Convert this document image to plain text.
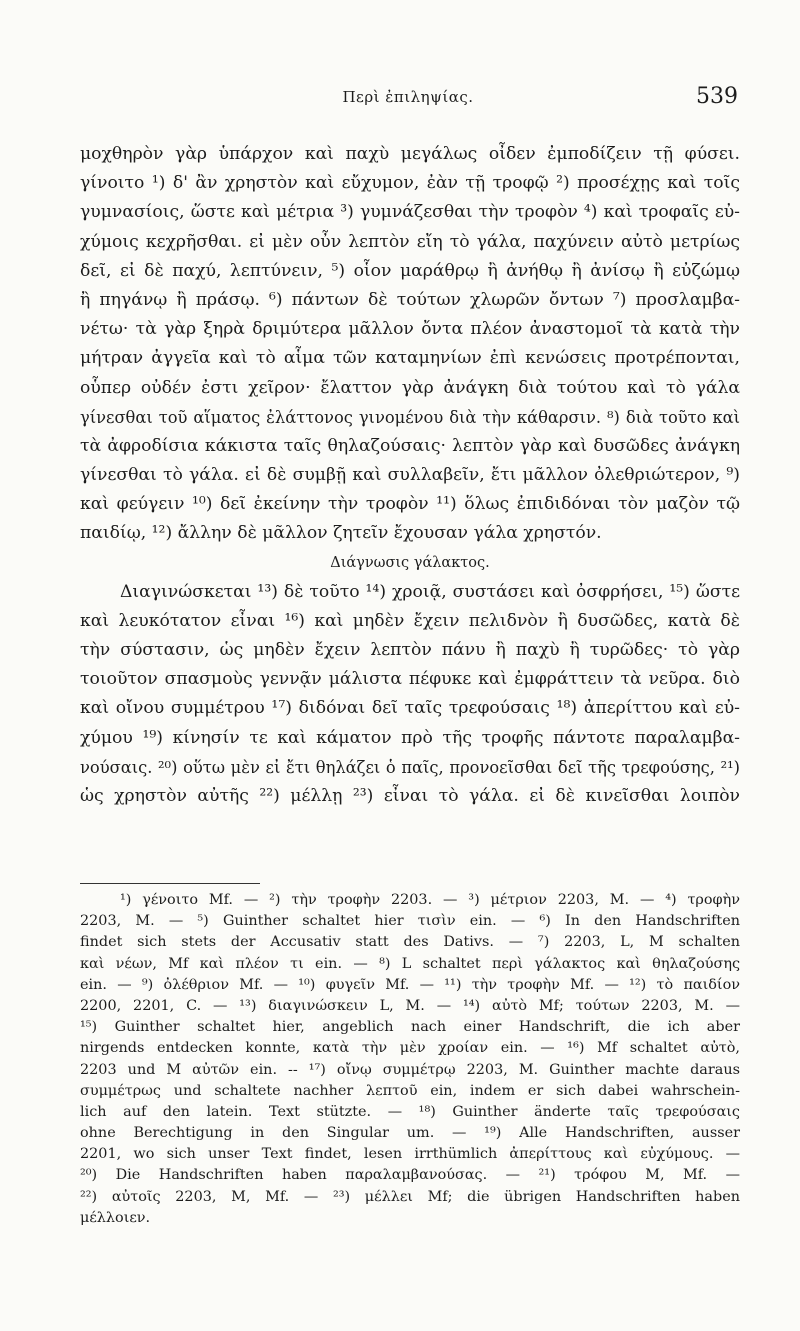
Περὶ ἐπιληψίας.	539
μοχθηρὸν γὰρ ὑπάρχον καὶ παχὺ μεγάλως οἶδεν ἐμποδίζειν τῇ φύσει.
γίνοιτο ¹) δ' ἂν χρηστὸν καὶ εὔχυμον, ἐὰν τῇ τροφῷ ²) προσέχῃς καὶ τοῖς
γυμνασίοις, ὥστε καὶ μέτρια ³) γυμνάζεσθαι τὴν τροφὸν ⁴) καὶ τροφαῖς εὐ-
χύμοις κεχρῆσθαι. εἰ μὲν οὖν λεπτὸν εἴη τὸ γάλα, παχύνειν αὐτὸ μετρίως
δεῖ, εἰ δὲ παχύ, λεπτύνειν, ⁵) οἷον μαράθρῳ ἢ ἀνήθῳ ἢ ἀνίσῳ ἢ εὐζώμῳ
ἢ πηγάνῳ ἢ πράσῳ. ⁶) πάντων δὲ τούτων χλωρῶν ὄντων ⁷) προσλαμβα-
νέτω· τὰ γὰρ ξηρὰ δριμύτερα μᾶλλον ὄντα πλέον ἀναστομοῖ τὰ κατὰ τὴν
μήτραν ἀγγεῖα καὶ τὸ αἷμα τῶν καταμηνίων ἐπὶ κενώσεις προτρέπονται,
οὗπερ οὐδέν ἐστι χεῖρον· ἔλαττον γὰρ ἀνάγκη διὰ τούτου καὶ τὸ γάλα
γίνεσθαι τοῦ αἵματος ἐλάττονος γινομένου διὰ τὴν κάθαρσιν. ⁸) διὰ τοῦτο καὶ
τὰ ἀφροδίσια κάκιστα ταῖς θηλαζούσαις· λεπτὸν γὰρ καὶ δυσῶδες ἀνάγκη
γίνεσθαι τὸ γάλα. εἰ δὲ συμβῇ καὶ συλλαβεῖν, ἔτι μᾶλλον ὀλεθριώτερον, ⁹)
καὶ φεύγειν ¹⁰) δεῖ ἐκείνην τὴν τροφὸν ¹¹) ὅλως ἐπιδιδόναι τὸν μαζὸν τῷ
παιδίῳ, ¹²) ἄλλην δὲ μᾶλλον ζητεῖν ἔχουσαν γάλα χρηστόν.
Διάγνωσις γάλακτος.
Διαγινώσκεται ¹³) δὲ τοῦτο ¹⁴) χροιᾷ, συστάσει καὶ ὀσφρήσει, ¹⁵) ὥστε
καὶ λευκότατον εἶναι ¹⁶) καὶ μηδὲν ἔχειν πελιδνὸν ἢ δυσῶδες, κατὰ δὲ
τὴν σύστασιν, ὡς μηδὲν ἔχειν λεπτὸν πάνυ ἢ παχὺ ἢ τυρῶδες· τὸ γὰρ
τοιοῦτον σπασμοὺς γεννᾷν μάλιστα πέφυκε καὶ ἐμφράττειν τὰ νεῦρα. διὸ
καὶ οἴνου συμμέτρου ¹⁷) διδόναι δεῖ ταῖς τρεφούσαις ¹⁸) ἀπερίττου καὶ εὐ-
χύμου ¹⁹) κίνησίν τε καὶ κάματον πρὸ τῆς τροφῆς πάντοτε παραλαμβα-
νούσαις. ²⁰) οὕτω μὲν εἰ ἔτι θηλάζει ὁ παῖς, προνοεῖσθαι δεῖ τῆς τρεφούσης, ²¹)
ὡς χρηστὸν αὐτῆς ²²) μέλλῃ ²³) εἶναι τὸ γάλα. εἰ δὲ κινεῖσθαι λοιπὸν
¹) γένοιτο Mf. — ²) τὴν τροφὴν 2203. — ³) μέτριον 2203, M. — ⁴) τροφὴν
2203, M. — ⁵) Guinther schaltet hier τισὶν ein. — ⁶) In den Handschriften
findet sich stets der Accusativ statt des Dativs. — ⁷) 2203, L, M schalten
καὶ νέων, Mf καὶ πλέον τι ein. — ⁸) L schaltet περὶ γάλακτος καὶ θηλαζούσης
ein. — ⁹) ὀλέθριον Mf. — ¹⁰) φυγεῖν Mf. — ¹¹) τὴν τροφὴν Mf. — ¹²) τὸ παιδίον
2200, 2201, C. — ¹³) διαγινώσκειν L, M. — ¹⁴) αὐτὸ Mf; τούτων 2203, M. —
¹⁵) Guinther schaltet hier, angeblich nach einer Handschrift, die ich aber
nirgends entdecken konnte, κατὰ τὴν μὲν χροίαν ein. — ¹⁶) Mf schaltet αὐτὸ,
2203 und M αὐτῶν ein. -- ¹⁷) οἴνῳ συμμέτρῳ 2203, M. Guinther machte daraus
συμμέτρως und schaltete nachher λεπτοῦ ein, indem er sich dabei wahrschein-
lich auf den latein. Text stützte. — ¹⁸) Guinther änderte ταῖς τρεφούσαις
ohne Berechtigung in den Singular um. — ¹⁹) Alle Handschriften, ausser
2201, wo sich unser Text findet, lesen irrthümlich ἀπερίττους καὶ εὐχύμους. —
²⁰) Die Handschriften haben παραλαμβανούσας. — ²¹) τρόφου M, Mf. —
²²) αὐτοῖς 2203, M, Mf. — ²³) μέλλει Mf; die übrigen Handschriften haben
μέλλοιεν.
